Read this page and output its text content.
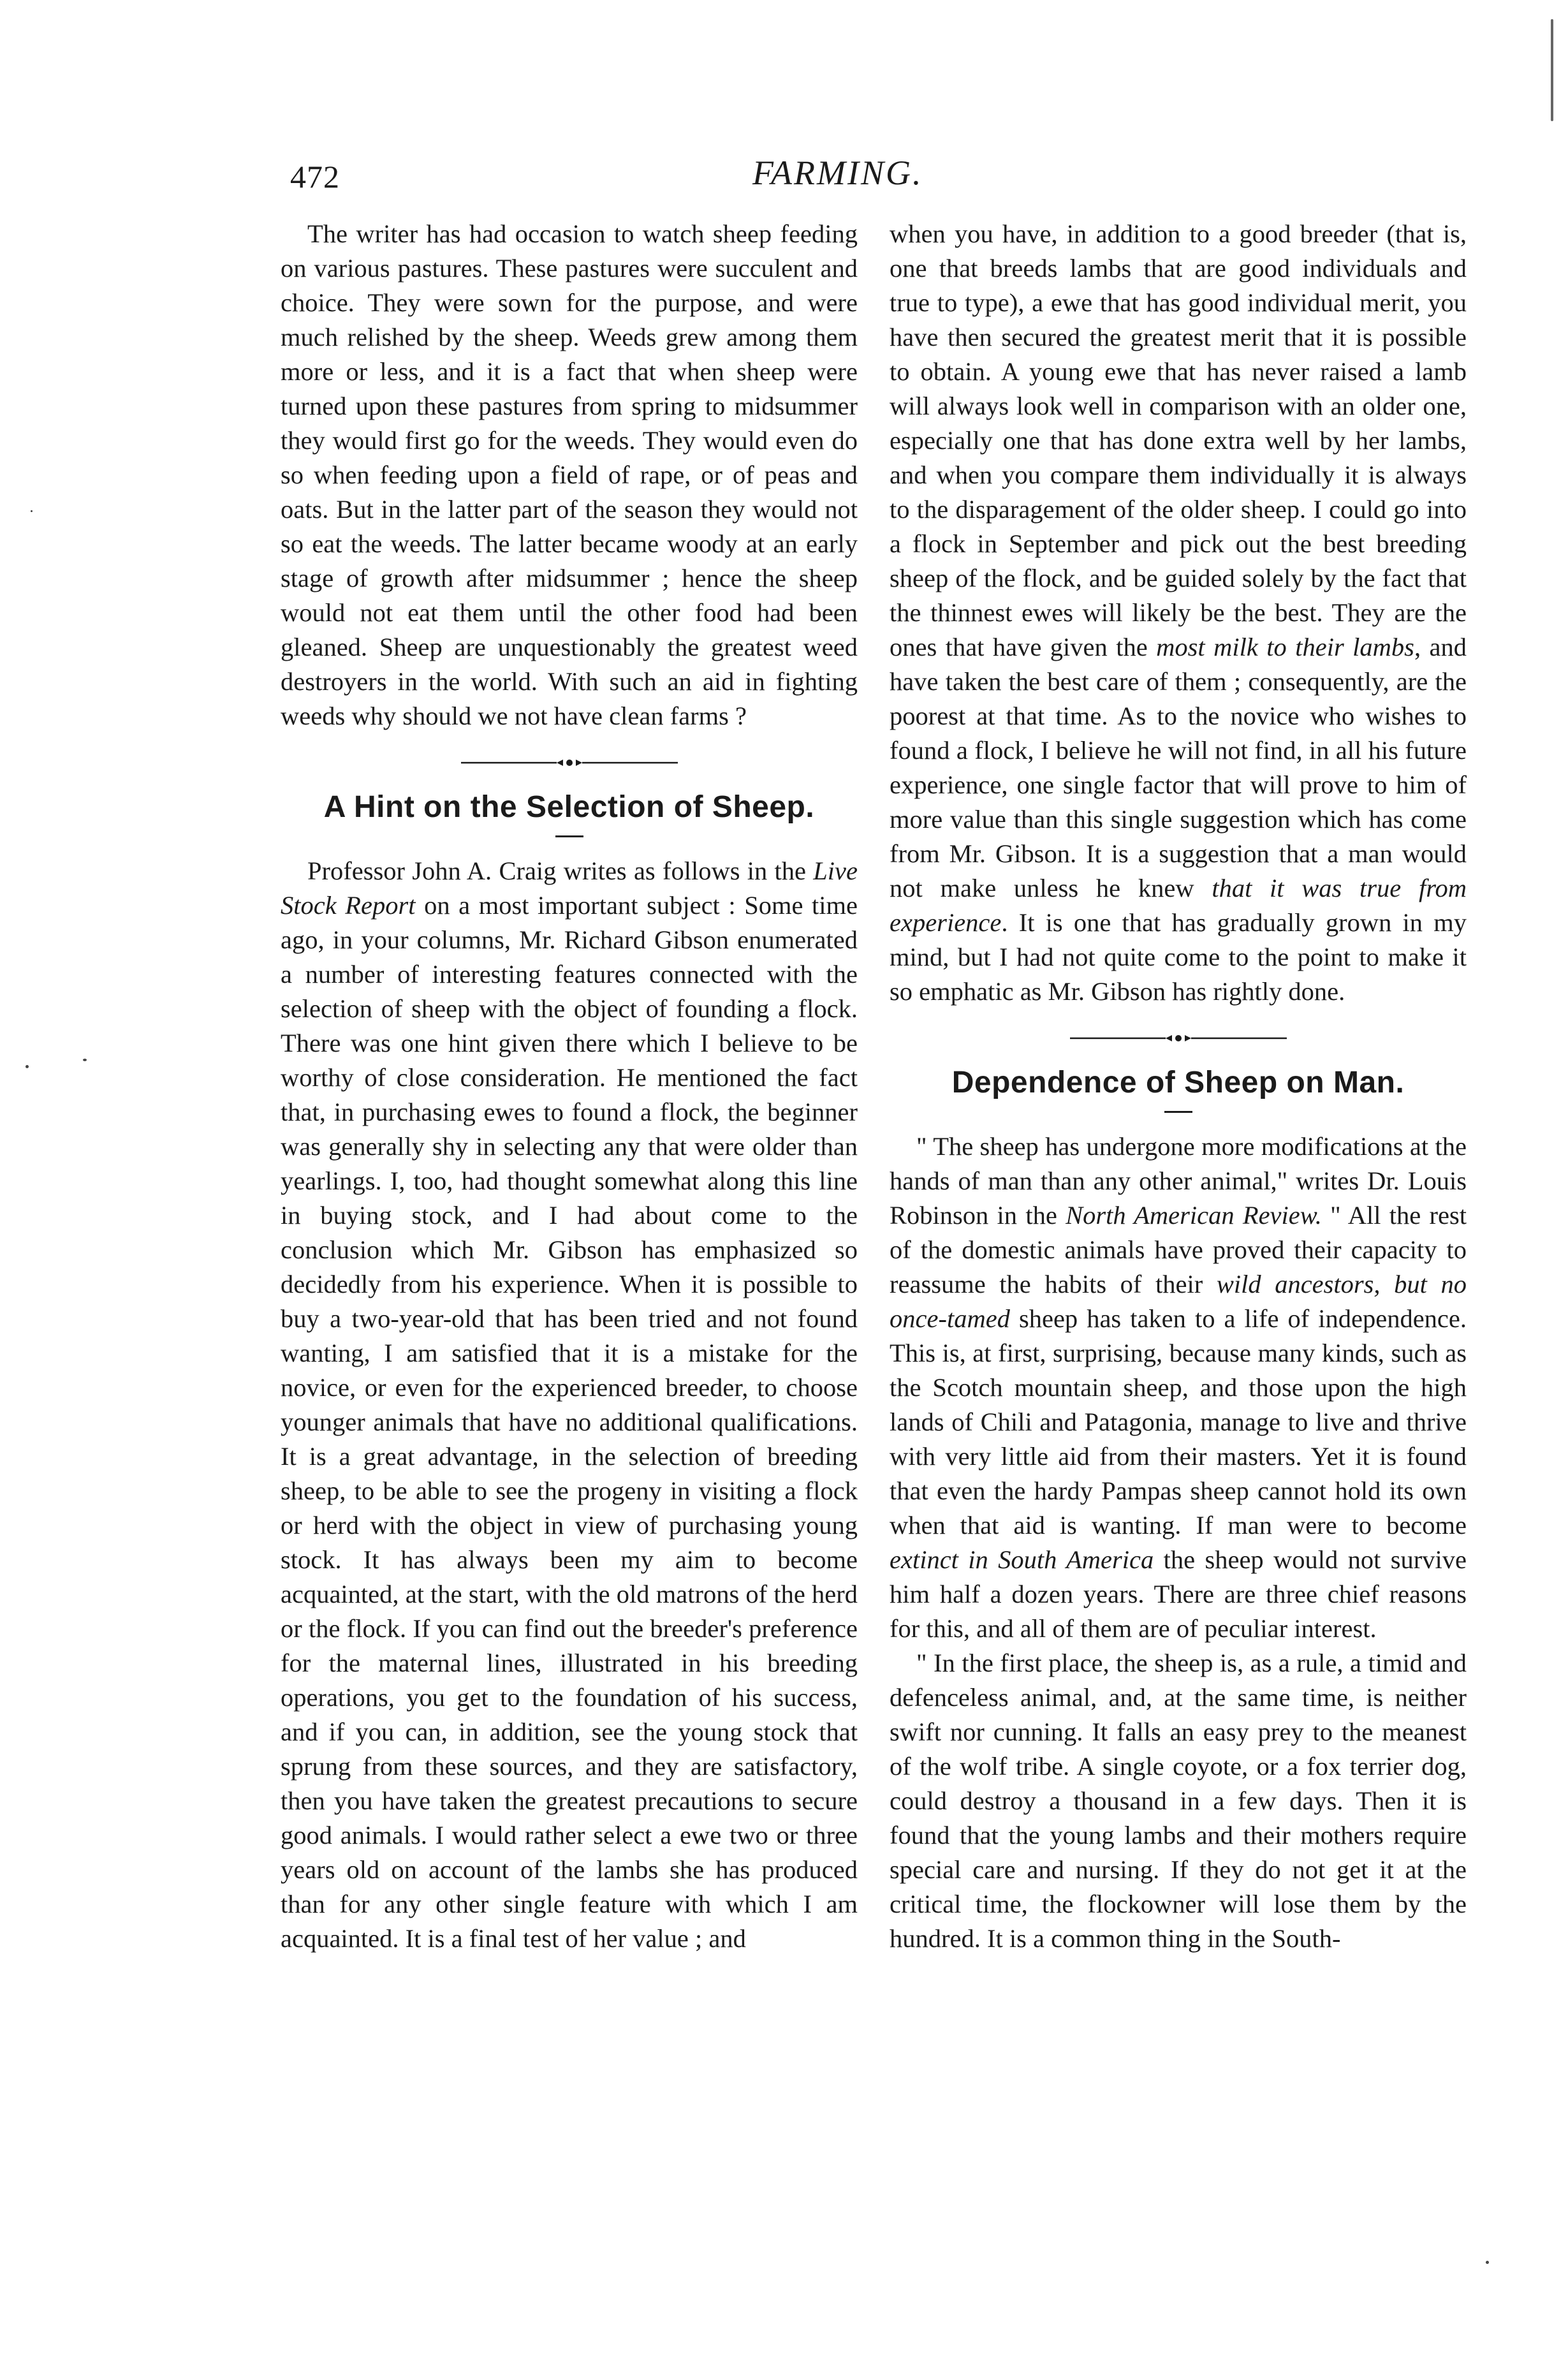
472	FARMING.

The writer has had occasion to watch sheep feeding on various pastures. These pastures were succulent and choice. They were sown for the purpose, and were much relished by the sheep. Weeds grew among them more or less, and it is a fact that when sheep were turned upon these pastures from spring to midsummer they would first go for the weeds. They would even do so when feeding upon a field of rape, or of peas and oats. But in the latter part of the season they would not so eat the weeds. The latter became woody at an early stage of growth after midsummer ; hence the sheep would not eat them until the other food had been gleaned. Sheep are unquestionably the greatest weed destroyers in the world. With such an aid in fighting weeds why should we not have clean farms ?

A Hint on the Selection of Sheep.

Professor John A. Craig writes as follows in the Live Stock Report on a most important subject : Some time ago, in your columns, Mr. Richard Gibson enumerated a number of interesting features connected with the selection of sheep with the object of founding a flock. There was one hint given there which I believe to be worthy of close consideration. He mentioned the fact that, in purchasing ewes to found a flock, the beginner was generally shy in selecting any that were older than yearlings. I, too, had thought somewhat along this line in buying stock, and I had about come to the conclusion which Mr. Gibson has emphasized so decidedly from his experience. When it is possible to buy a two-year-old that has been tried and not found wanting, I am satisfied that it is a mistake for the novice, or even for the experienced breeder, to choose younger animals that have no additional qualifications. It is a great advantage, in the selection of breeding sheep, to be able to see the progeny in visiting a flock or herd with the object in view of purchasing young stock. It has always been my aim to become acquainted, at the start, with the old matrons of the herd or the flock. If you can find out the breeder's preference for the maternal lines, illustrated in his breeding operations, you get to the foundation of his success, and if you can, in addition, see the young stock that sprung from these sources, and they are satisfactory, then you have taken the greatest precautions to secure good animals. I would rather select a ewe two or three years old on account of the lambs she has produced than for any other single feature with which I am acquainted. It is a final test of her value ; and

when you have, in addition to a good breeder (that is, one that breeds lambs that are good individuals and true to type), a ewe that has good individual merit, you have then secured the greatest merit that it is possible to obtain. A young ewe that has never raised a lamb will always look well in comparison with an older one, especially one that has done extra well by her lambs, and when you compare them individually it is always to the disparagement of the older sheep. I could go into a flock in September and pick out the best breeding sheep of the flock, and be guided solely by the fact that the thinnest ewes will likely be the best. They are the ones that have given the most milk to their lambs, and have taken the best care of them ; consequently, are the poorest at that time. As to the novice who wishes to found a flock, I believe he will not find, in all his future experience, one single factor that will prove to him of more value than this single suggestion which has come from Mr. Gibson. It is a suggestion that a man would not make unless he knew that it was true from experience. It is one that has gradually grown in my mind, but I had not quite come to the point to make it so emphatic as Mr. Gibson has rightly done.

Dependence of Sheep on Man.

" The sheep has undergone more modifications at the hands of man than any other animal," writes Dr. Louis Robinson in the North American Review. " All the rest of the domestic animals have proved their capacity to reassume the habits of their wild ancestors, but no once-tamed sheep has taken to a life of independence. This is, at first, surprising, because many kinds, such as the Scotch mountain sheep, and those upon the high lands of Chili and Patagonia, manage to live and thrive with very little aid from their masters. Yet it is found that even the hardy Pampas sheep cannot hold its own when that aid is wanting. If man were to become extinct in South America the sheep would not survive him half a dozen years. There are three chief reasons for this, and all of them are of peculiar interest.

" In the first place, the sheep is, as a rule, a timid and defenceless animal, and, at the same time, is neither swift nor cunning. It falls an easy prey to the meanest of the wolf tribe. A single coyote, or a fox terrier dog, could destroy a thousand in a few days. Then it is found that the young lambs and their mothers require special care and nursing. If they do not get it at the critical time, the flockowner will lose them by the hundred. It is a common thing in the South-
